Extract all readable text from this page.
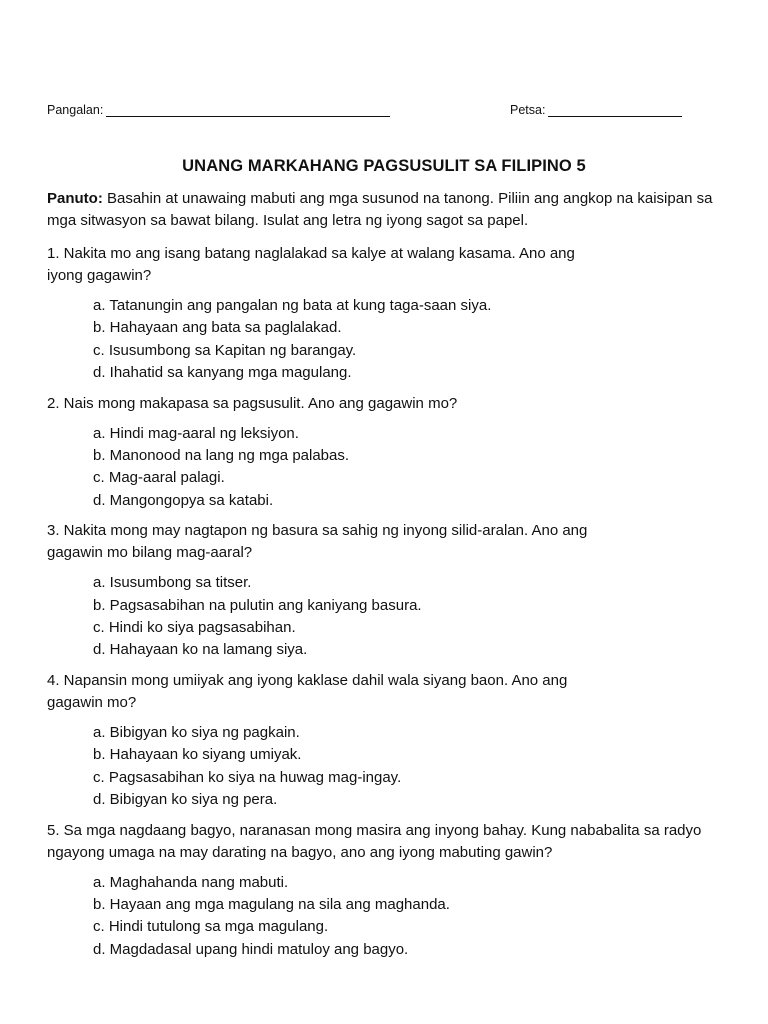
Pangalan:	Petsa:
UNANG MARKAHANG PAGSUSULIT SA FILIPINO 5
Panuto: Basahin at unawaing mabuti ang mga susunod na tanong. Piliin ang angkop na kaisipan sa mga sitwasyon sa bawat bilang. Isulat ang letra ng iyong sagot sa papel.

1. Nakita mo ang isang batang naglalakad sa kalye at walang kasama. Ano ang iyong gagawin?

a. Tatanungin ang pangalan ng bata at kung taga-saan siya.
b. Hahayaan ang bata sa paglalakad.
c. Isusumbong sa Kapitan ng barangay.
d. Ihahatid sa kanyang mga magulang.

2. Nais mong makapasa sa pagsusulit. Ano ang gagawin mo?

a. Hindi mag-aaral ng leksiyon.
b. Manonood na lang ng mga palabas.
c. Mag-aaral palagi.
d. Mangongopya sa katabi.

3. Nakita mong may nagtapon ng basura sa sahig ng inyong silid-aralan. Ano ang gagawin mo bilang mag-aaral?

a. Isusumbong sa titser.
b. Pagsasabihan na pulutin ang kaniyang basura.
c. Hindi ko siya pagsasabihan.
d. Hahayaan ko na lamang siya.

4. Napansin mong umiiyak ang iyong kaklase dahil wala siyang baon. Ano ang gagawin mo?

a. Bibigyan ko siya ng pagkain.
b. Hahayaan ko siyang umiyak.
c. Pagsasabihan ko siya na huwag mag-ingay.
d. Bibigyan ko siya ng pera.

5. Sa mga nagdaang bagyo, naranasan mong masira ang inyong bahay. Kung nababalita sa radyo ngayong umaga na may darating na bagyo, ano ang iyong mabuting gawin?

a. Maghahanda nang mabuti.
b. Hayaan ang mga magulang na sila ang maghanda.
c. Hindi tutulong sa mga magulang.
d. Magdadasal upang hindi matuloy ang bagyo.
